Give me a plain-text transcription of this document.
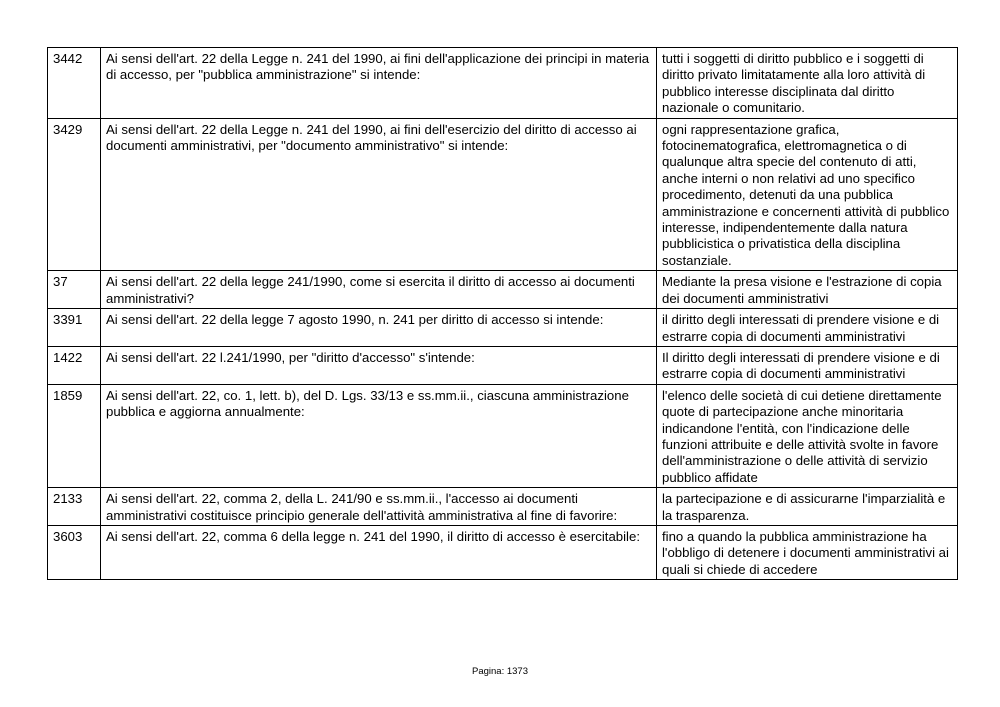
3442	Ai sensi dell'art. 22 della Legge n. 241 del 1990, ai fini dell'applicazione dei principi in materia di accesso, per "pubblica amministrazione" si intende:	tutti i soggetti di diritto pubblico e i soggetti di diritto privato limitatamente alla loro attività di pubblico interesse disciplinata dal diritto nazionale o comunitario.
3429	Ai sensi dell'art. 22 della Legge n. 241 del 1990, ai fini dell'esercizio del diritto di accesso ai documenti amministrativi, per "documento amministrativo" si intende:	ogni rappresentazione grafica, fotocinematografica, elettromagnetica o di qualunque altra specie del contenuto di atti, anche interni o non relativi ad uno specifico procedimento, detenuti da una pubblica amministrazione e concernenti attività di pubblico interesse, indipendentemente dalla natura pubblicistica o privatistica della disciplina sostanziale.
37	Ai sensi dell'art. 22 della legge 241/1990, come si esercita il diritto di accesso ai documenti amministrativi?	Mediante la presa visione e l'estrazione di copia dei documenti amministrativi
3391	Ai sensi dell'art. 22 della legge 7 agosto 1990, n. 241 per diritto di accesso si intende:	il diritto degli interessati di prendere visione e di estrarre copia di documenti amministrativi
1422	Ai sensi dell'art. 22 l.241/1990, per "diritto d'accesso" s'intende:	Il diritto degli interessati di prendere visione e di estrarre copia di documenti amministrativi
1859	Ai sensi dell'art. 22, co. 1, lett. b), del D. Lgs. 33/13 e ss.mm.ii., ciascuna amministrazione pubblica e aggiorna annualmente:	l'elenco delle società di cui detiene direttamente quote di partecipazione anche minoritaria indicandone l'entità, con l'indicazione delle funzioni attribuite e delle attività svolte in favore dell'amministrazione o delle attività di servizio pubblico affidate
2133	Ai sensi dell'art. 22, comma 2, della L. 241/90 e ss.mm.ii., l'accesso ai documenti amministrativi costituisce principio generale dell'attività amministrativa al fine di favorire:	la partecipazione e di assicurarne l'imparzialità e la trasparenza.
3603	Ai sensi dell'art. 22, comma 6 della legge n. 241 del 1990, il diritto di accesso è esercitabile:	fino a quando la pubblica amministrazione ha l'obbligo di detenere i documenti amministrativi ai quali si chiede di accedere
Pagina: 1373
